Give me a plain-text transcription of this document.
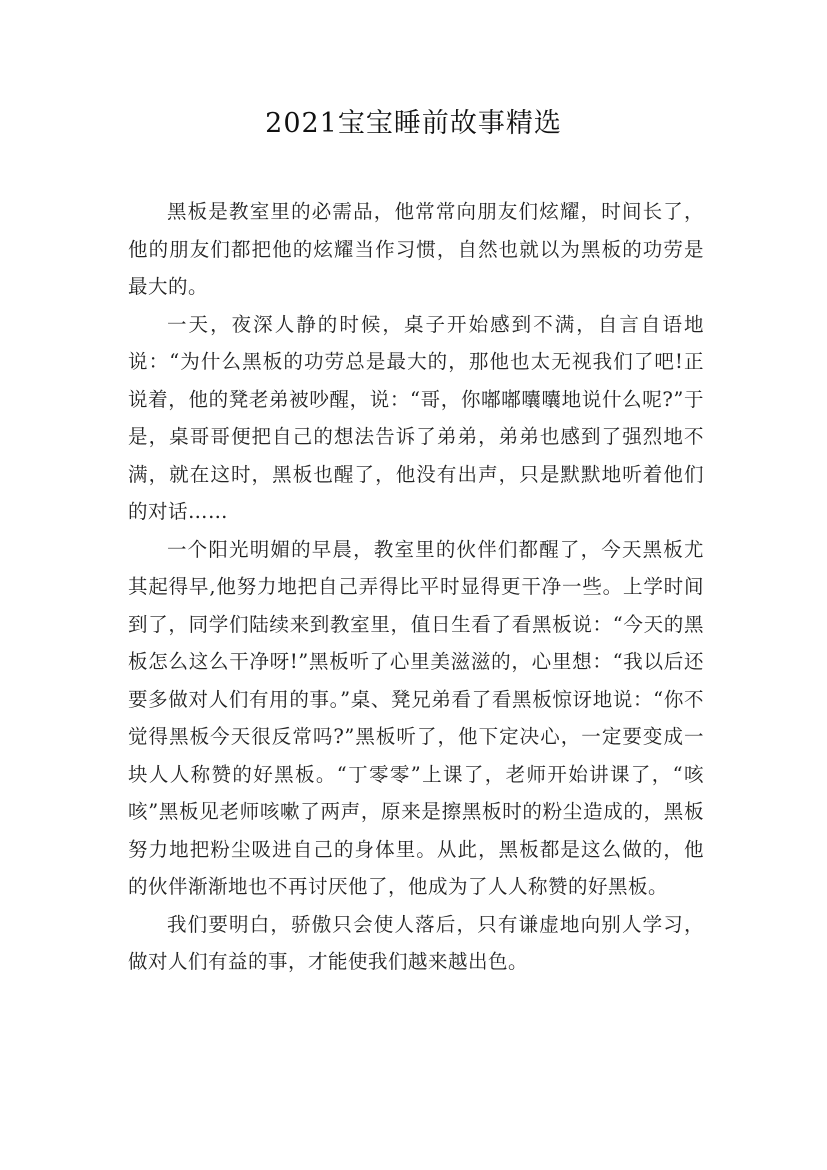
2021宝宝睡前故事精选

黑板是教室里的必需品，他常常向朋友们炫耀，时间长了，他的朋友们都把他的炫耀当作习惯，自然也就以为黑板的功劳是最大的。

一天，夜深人静的时候，桌子开始感到不满，自言自语地说：“为什么黑板的功劳总是最大的，那他也太无视我们了吧!正说着，他的凳老弟被吵醒，说：“哥，你嘟嘟囔囔地说什么呢?”于是，桌哥哥便把自己的想法告诉了弟弟，弟弟也感到了强烈地不满，就在这时，黑板也醒了，他没有出声，只是默默地听着他们的对话……

一个阳光明媚的早晨，教室里的伙伴们都醒了，今天黑板尤其起得早,他努力地把自己弄得比平时显得更干净一些。上学时间到了，同学们陆续来到教室里，值日生看了看黑板说：“今天的黑板怎么这么干净呀!”黑板听了心里美滋滋的，心里想：“我以后还要多做对人们有用的事。”桌、凳兄弟看了看黑板惊讶地说：“你不觉得黑板今天很反常吗?”黑板听了，他下定决心，一定要变成一块人人称赞的好黑板。“丁零零”上课了，老师开始讲课了，“咳咳”黑板见老师咳嗽了两声，原来是擦黑板时的粉尘造成的，黑板努力地把粉尘吸进自己的身体里。从此，黑板都是这么做的，他的伙伴渐渐地也不再讨厌他了，他成为了人人称赞的好黑板。

我们要明白，骄傲只会使人落后，只有谦虚地向别人学习，做对人们有益的事，才能使我们越来越出色。
